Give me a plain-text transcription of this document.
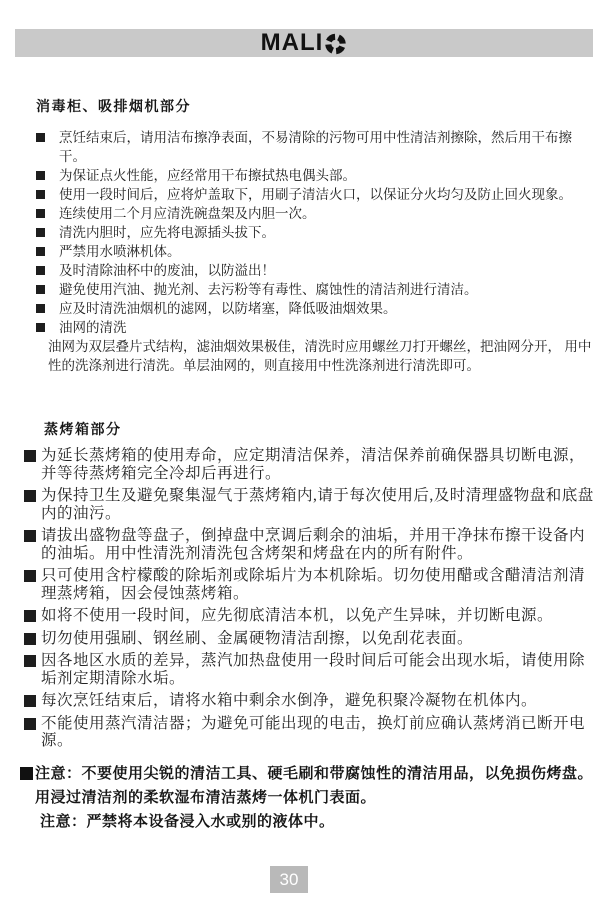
MALI
消毒柜、吸排烟机部分
烹饪结束后，请用洁布擦净表面，不易清除的污物可用中性清洁剂擦除，然后用干布擦干。
为保证点火性能，应经常用干布擦拭热电偶头部。
使用一段时间后，应将炉盖取下，用刷子清洁火口，以保证分火均匀及防止回火现象。
连续使用二个月应清洗碗盘架及内胆一次。
清洗内胆时，应先将电源插头拔下。
严禁用水喷淋机体。
及时清除油杯中的废油，以防溢出！
避免使用汽油、抛光剂、去污粉等有毒性、腐蚀性的清洁剂进行清洁。
应及时清洗油烟机的滤网，以防堵塞，降低吸油烟效果。
油网的清洗

油网为双层叠片式结构，滤油烟效果极佳，清洗时应用螺丝刀打开螺丝，把油网分开， 用中性的洗涤剂进行清洗。单层油网的，则直接用中性洗涤剂进行清洗即可。

蒸烤箱部分
为延长蒸烤箱的使用寿命，应定期清洁保养，清洁保养前确保器具切断电源，并等待蒸烤箱完全冷却后再进行。
为保持卫生及避免聚集湿气于蒸烤箱内,请于每次使用后,及时清理盛物盘和底盘内的油污。
请拔出盛物盘等盘子，倒掉盘中烹调后剩余的油垢，并用干净抹布擦干设备内的油垢。用中性清洗剂清洗包含烤架和烤盘在内的所有附件。
只可使用含柠檬酸的除垢剂或除垢片为本机除垢。切勿使用醋或含醋清洁剂清理蒸烤箱，因会侵蚀蒸烤箱。
如将不使用一段时间，应先彻底清洁本机，以免产生异味，并切断电源。
切勿使用强刷、钢丝刷、金属硬物清洁刮擦，以免刮花表面。
因各地区水质的差异，蒸汽加热盘使用一段时间后可能会出现水垢，请使用除垢剂定期清除水垢。
每次烹饪结束后，请将水箱中剩余水倒净，避免积聚冷凝物在机体内。
不能使用蒸汽清洁器；为避免可能出现的电击，换灯前应确认蒸烤消已断开电源。
注意：不要使用尖锐的清洁工具、硬毛刷和带腐蚀性的清洁用品，以免损伤烤盘。用浸过清洁剂的柔软湿布清洁蒸烤一体机门表面。
注意：严禁将本设备浸入水或别的液体中。
30
